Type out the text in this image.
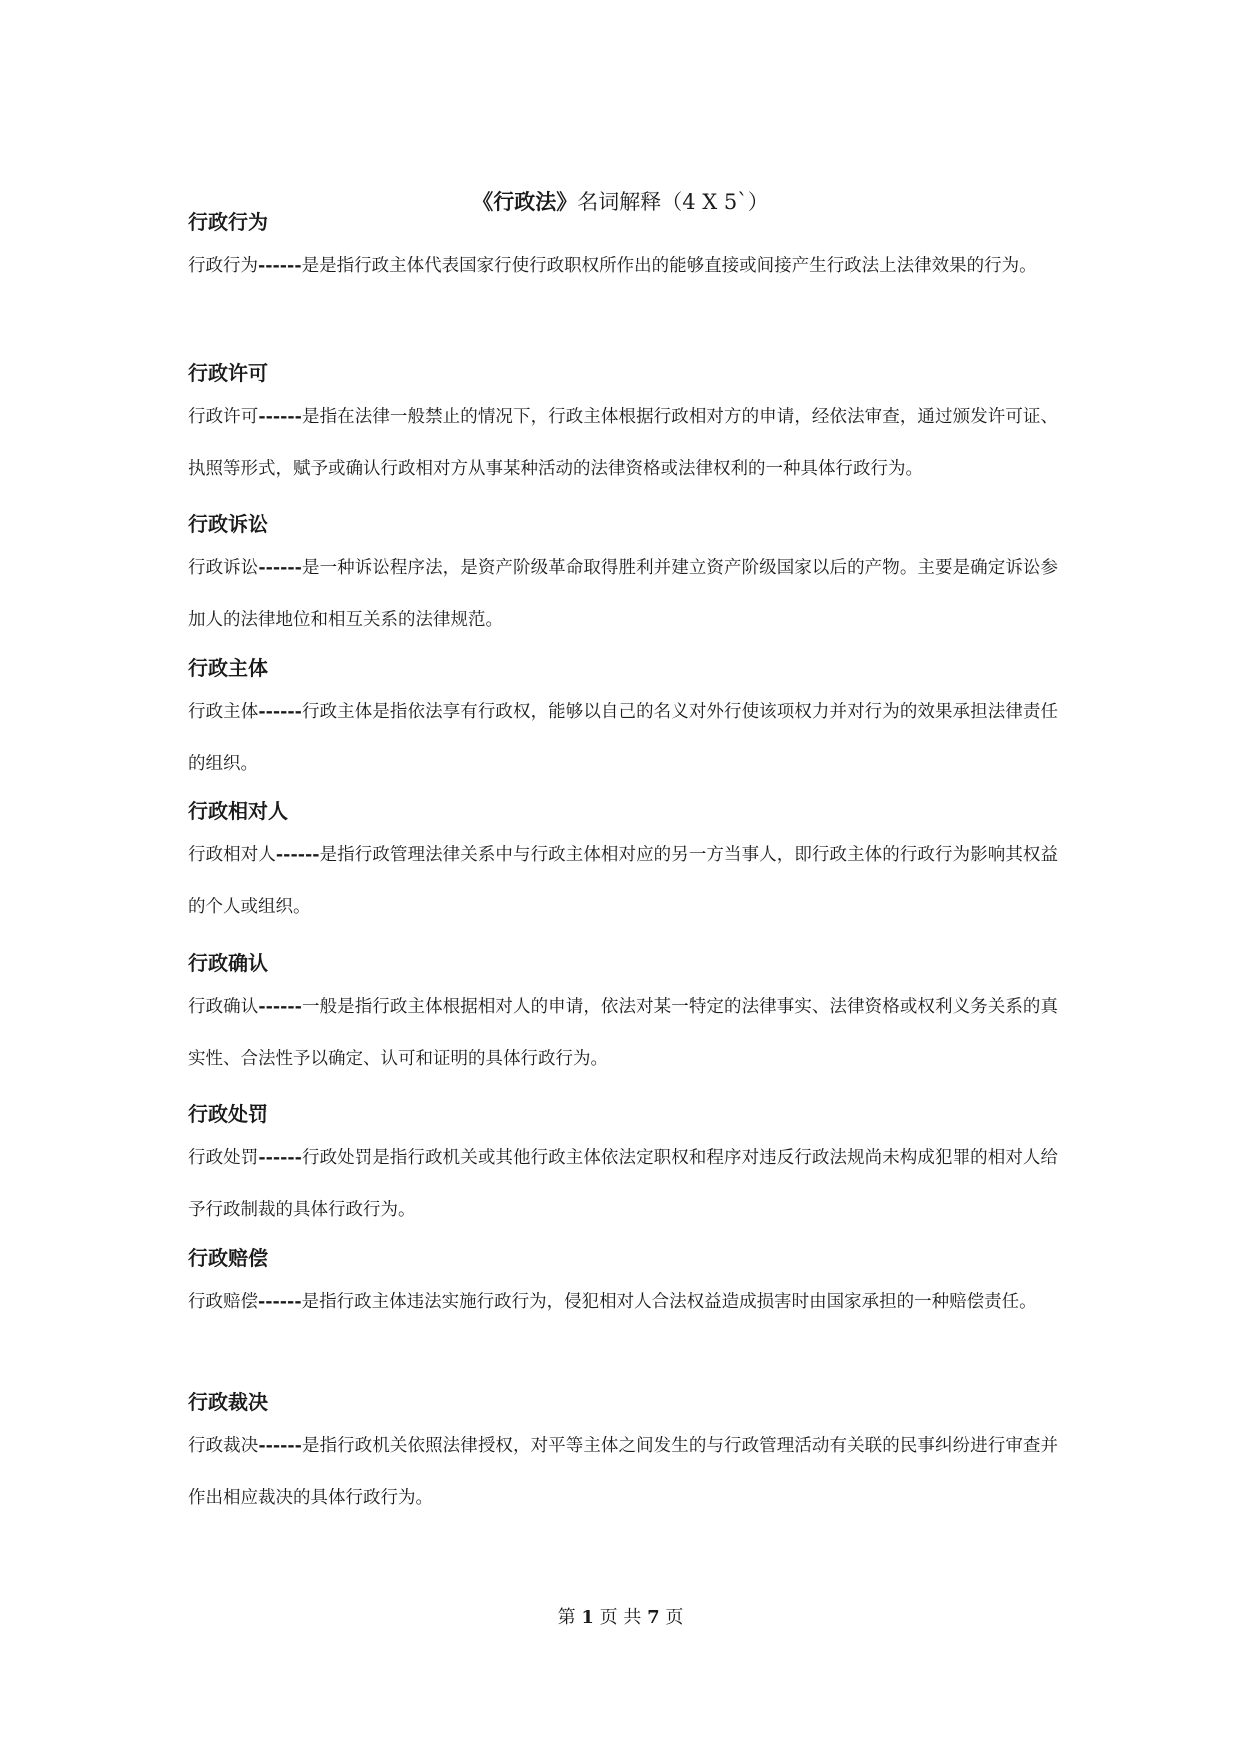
《行政法》名词解释（4 X 5`）
行政行为

行政行为------是是指行政主体代表国家行使行政职权所作出的能够直接或间接产生行政法上法律效果的行为。

行政许可

行政许可------是指在法律一般禁止的情况下，行政主体根据行政相对方的申请，经依法审查，通过颁发许可证、执照等形式，赋予或确认行政相对方从事某种活动的法律资格或法律权利的一种具体行政行为。

行政诉讼

行政诉讼------是一种诉讼程序法，是资产阶级革命取得胜利并建立资产阶级国家以后的产物。主要是确定诉讼参加人的法律地位和相互关系的法律规范。

行政主体

行政主体------行政主体是指依法享有行政权，能够以自己的名义对外行使该项权力并对行为的效果承担法律责任的组织。

行政相对人

行政相对人------是指行政管理法律关系中与行政主体相对应的另一方当事人，即行政主体的行政行为影响其权益的个人或组织。

行政确认

行政确认------一般是指行政主体根据相对人的申请，依法对某一特定的法律事实、法律资格或权利义务关系的真实性、合法性予以确定、认可和证明的具体行政行为。

行政处罚

行政处罚------行政处罚是指行政机关或其他行政主体依法定职权和程序对违反行政法规尚未构成犯罪的相对人给予行政制裁的具体行政行为。

行政赔偿

行政赔偿------是指行政主体违法实施行政行为，侵犯相对人合法权益造成损害时由国家承担的一种赔偿责任。

行政裁决

行政裁决------是指行政机关依照法律授权，对平等主体之间发生的与行政管理活动有关联的民事纠纷进行审查并作出相应裁决的具体行政行为。

第 1 页 共 7 页
